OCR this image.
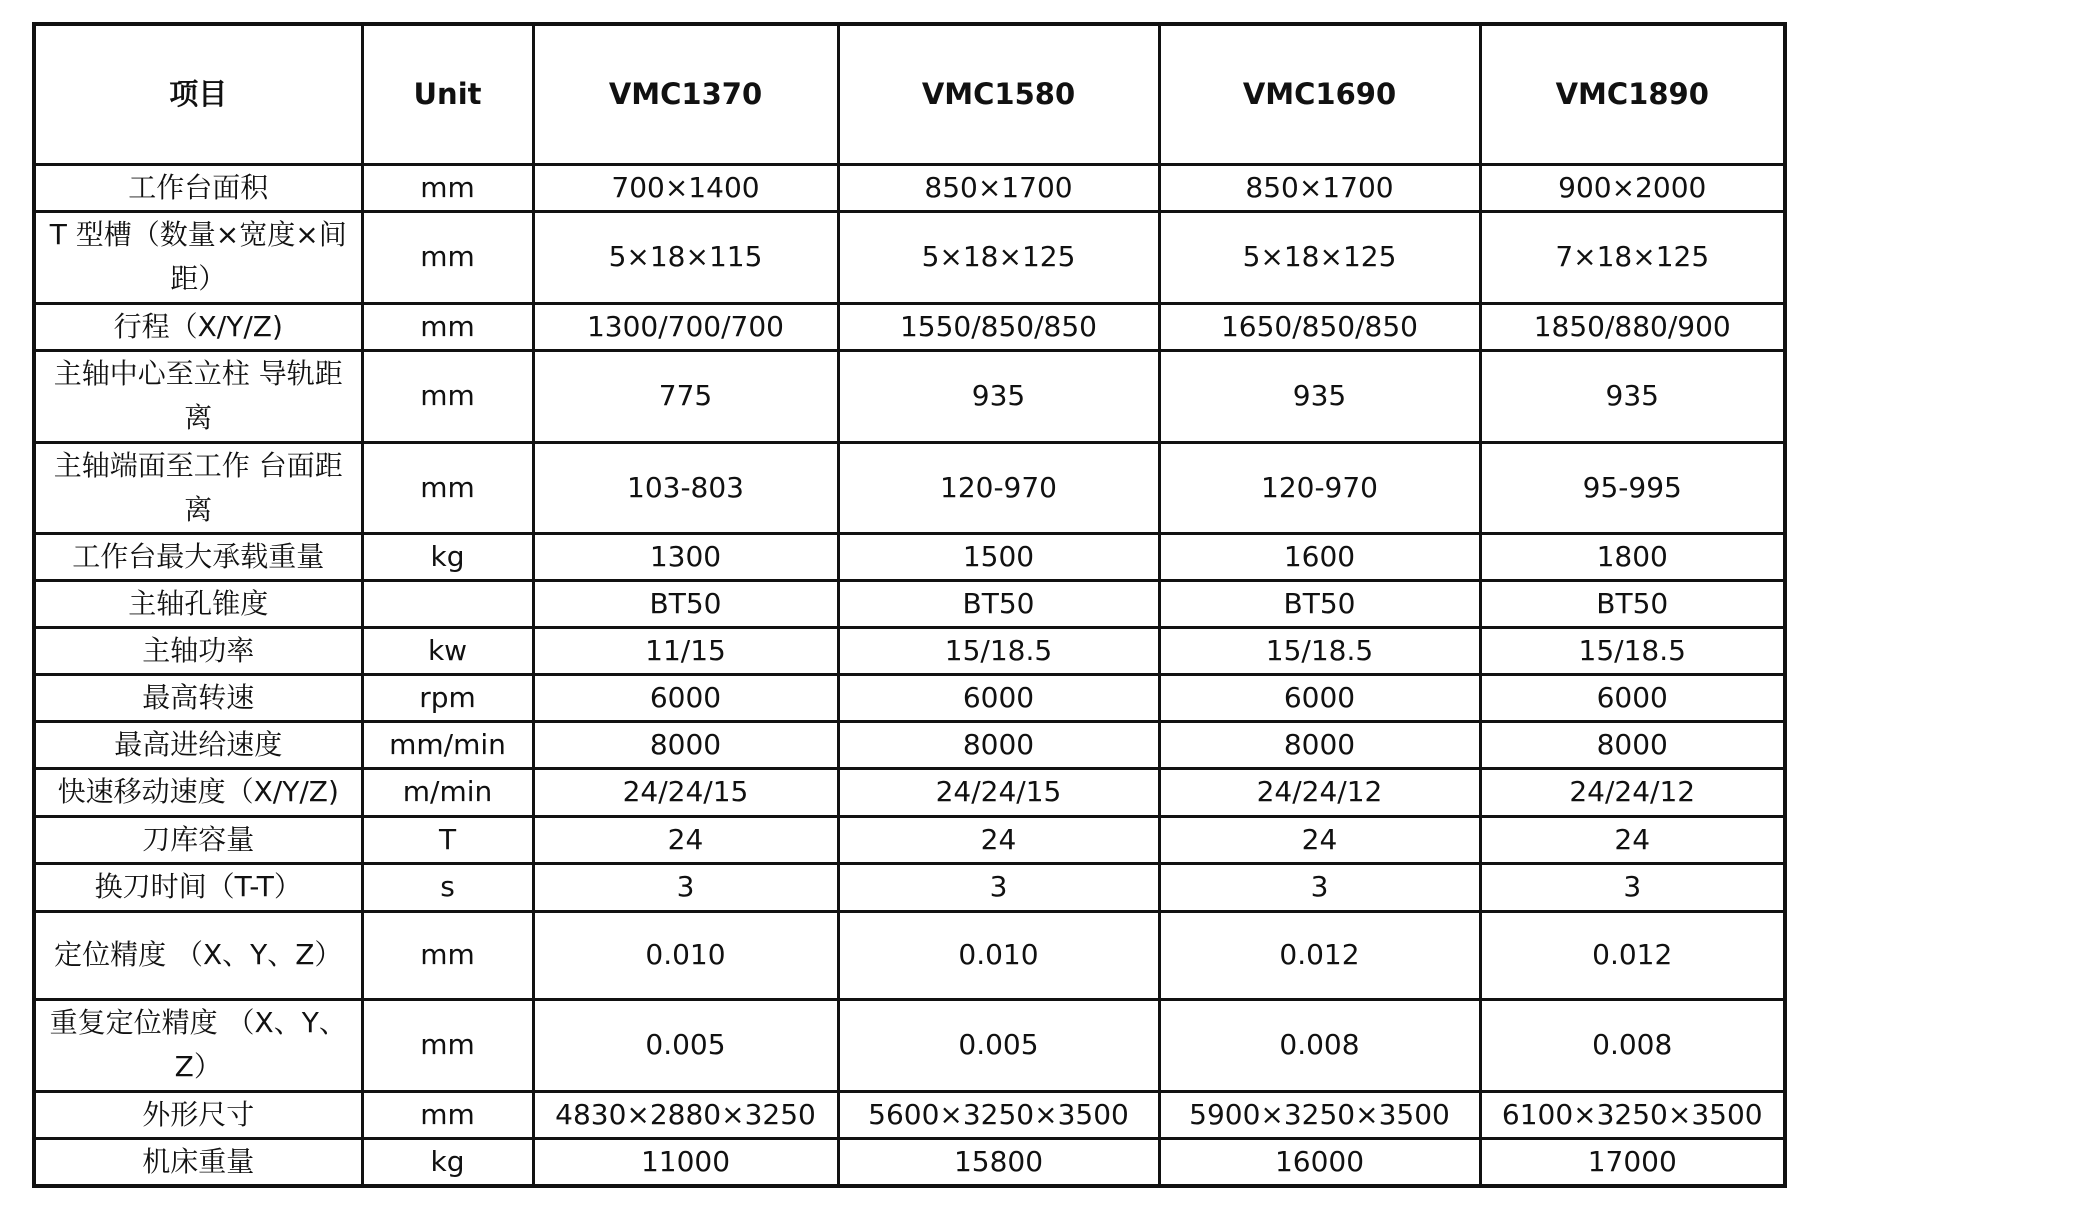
项目	Unit	VMC1370	VMC1580	VMC1690	VMC1890
工作台面积	mm	700×1400	850×1700	850×1700	900×2000
T 型槽（数量×宽度×间距）	mm	5×18×115	5×18×125	5×18×125	7×18×125
行程（X/Y/Z)	mm	1300/700/700	1550/850/850	1650/850/850	1850/880/900
主轴中心至立柱 导轨距离	mm	775	935	935	935
主轴端面至工作 台面距离	mm	103-803	120-970	120-970	95-995
工作台最大承载重量	kg	1300	1500	1600	1800
主轴孔锥度		BT50	BT50	BT50	BT50
主轴功率	kw	11/15	15/18.5	15/18.5	15/18.5
最高转速	rpm	6000	6000	6000	6000
最高进给速度	mm/min	8000	8000	8000	8000
快速移动速度（X/Y/Z)	m/min	24/24/15	24/24/15	24/24/12	24/24/12
刀库容量	T	24	24	24	24
换刀时间（T-T）	s	3	3	3	3
定位精度 （X、Y、Z）	mm	0.010	0.010	0.012	0.012
重复定位精度 （X、Y、Z）	mm	0.005	0.005	0.008	0.008
外形尺寸	mm	4830×2880×3250	5600×3250×3500	5900×3250×3500	6100×3250×3500
机床重量	kg	11000	15800	16000	17000
